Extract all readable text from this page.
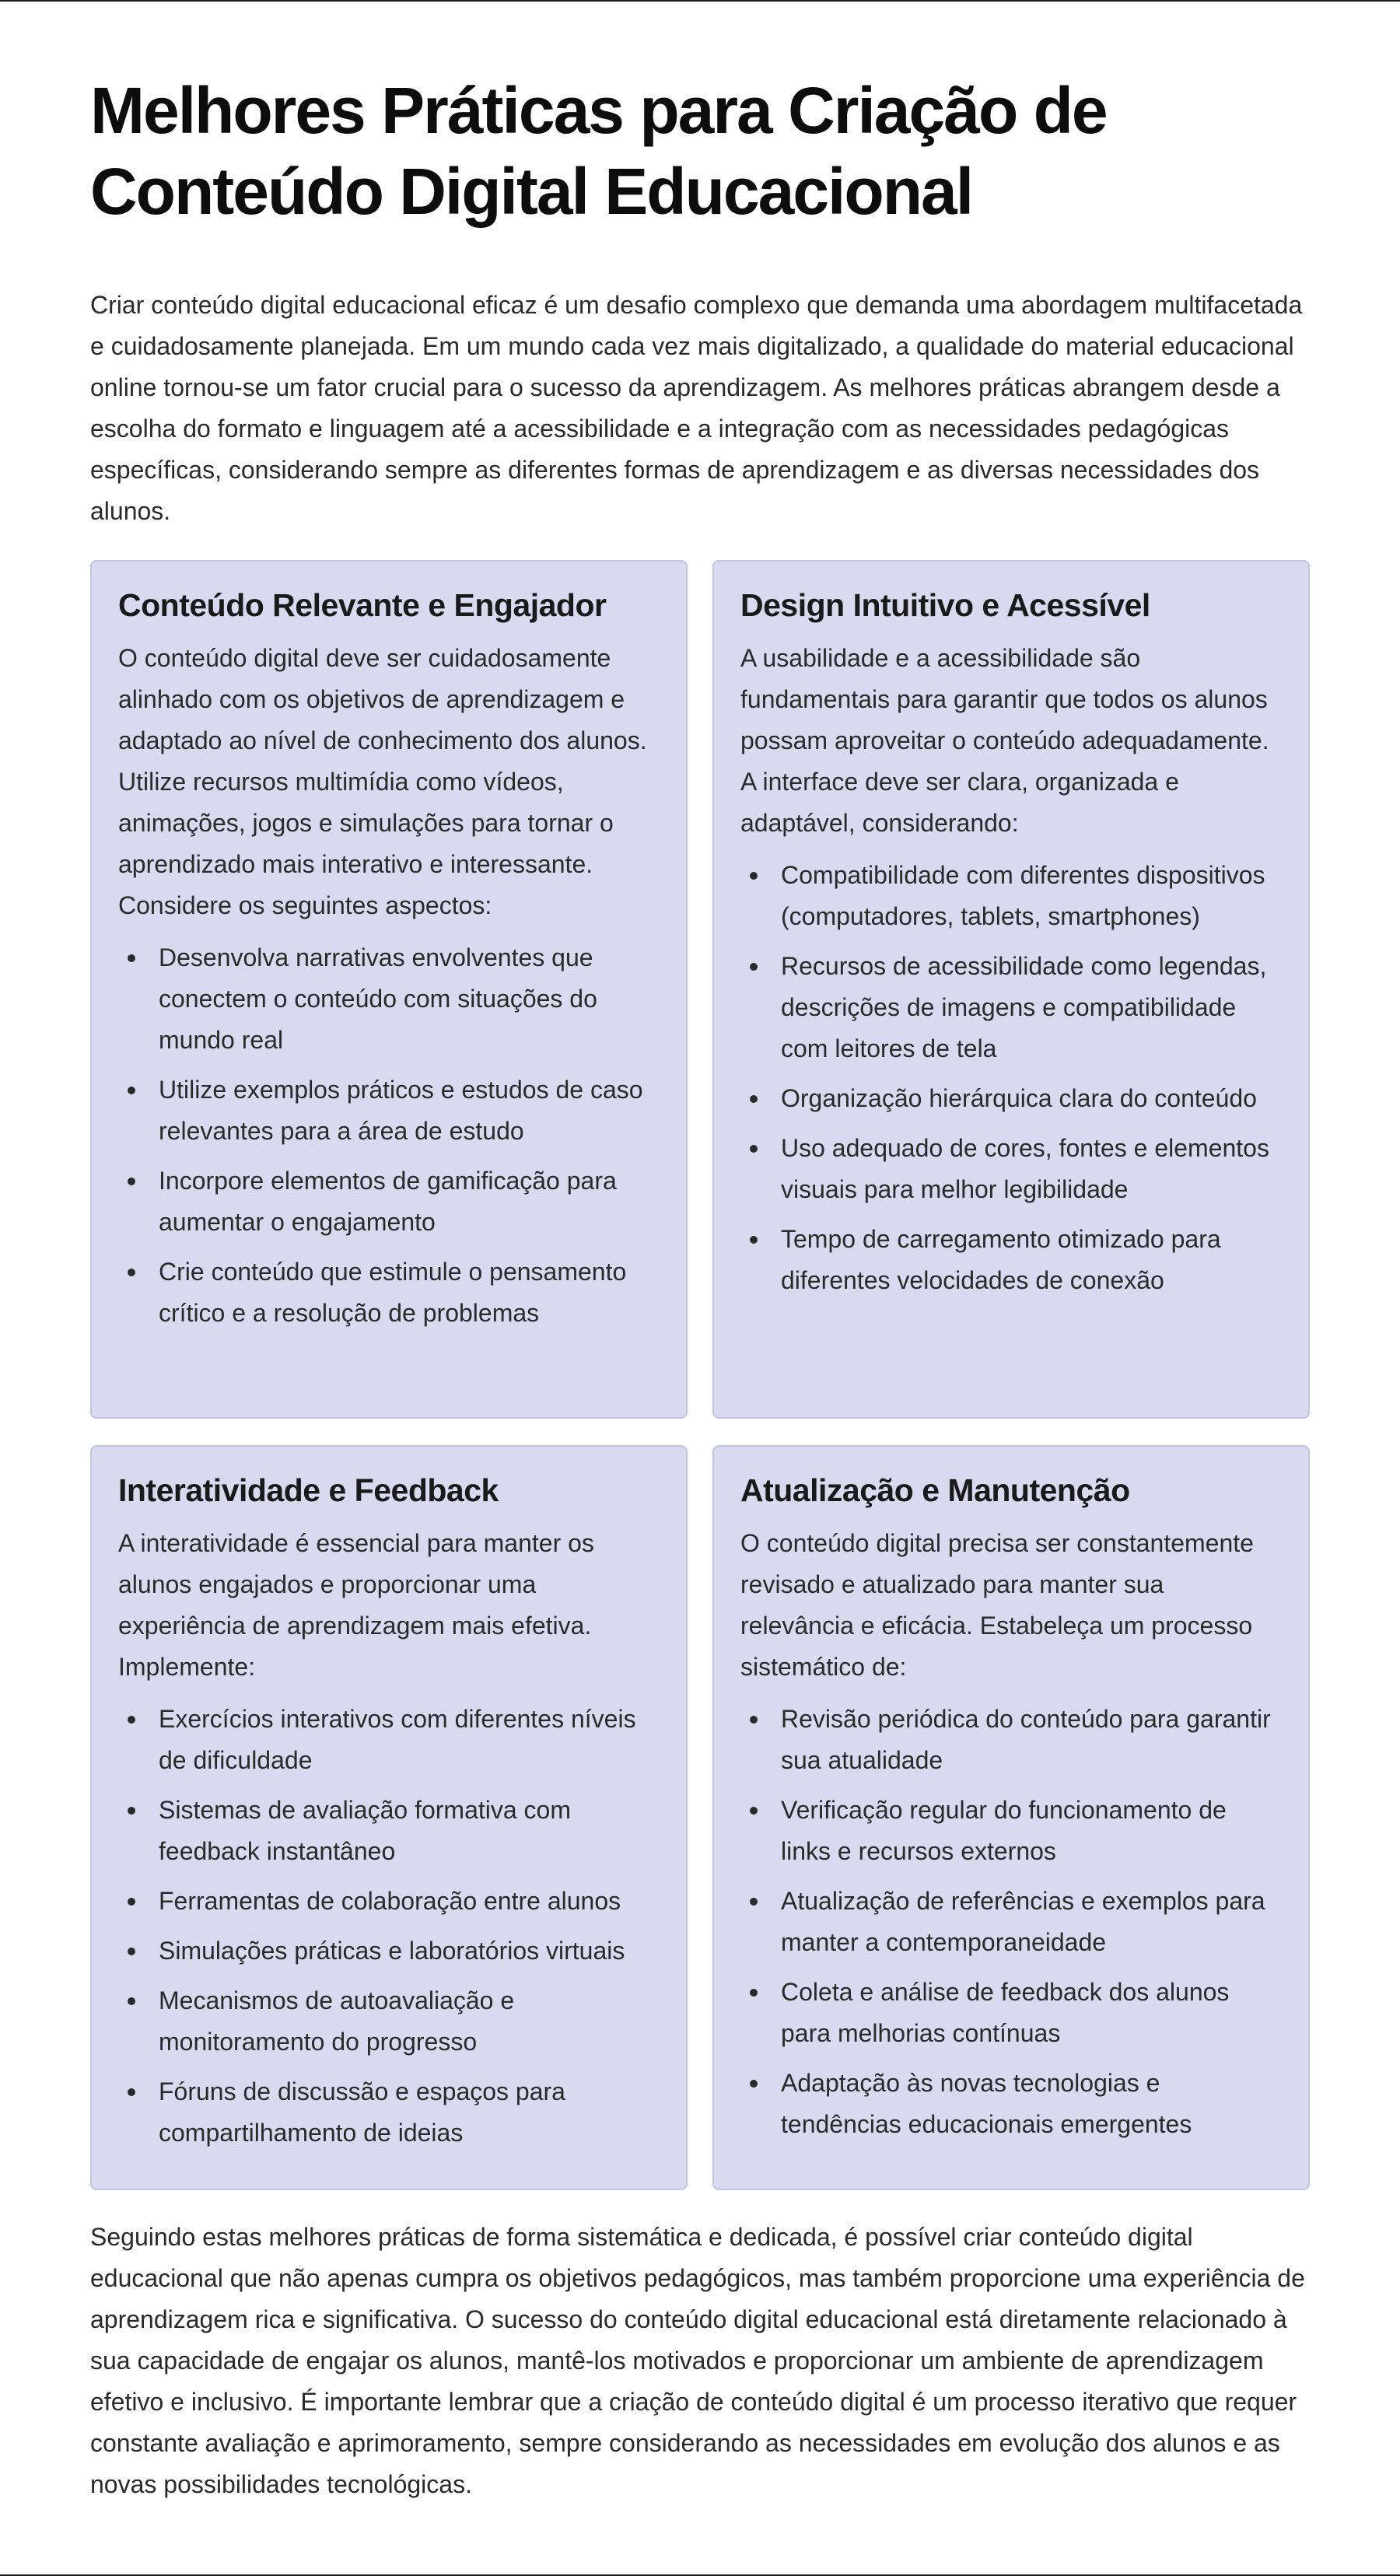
Melhores Práticas para Criação de Conteúdo Digital Educacional

Criar conteúdo digital educacional eficaz é um desafio complexo que demanda uma abordagem multifacetada e cuidadosamente planejada. Em um mundo cada vez mais digitalizado, a qualidade do material educacional online tornou-se um fator crucial para o sucesso da aprendizagem. As melhores práticas abrangem desde a escolha do formato e linguagem até a acessibilidade e a integração com as necessidades pedagógicas específicas, considerando sempre as diferentes formas de aprendizagem e as diversas necessidades dos alunos.

Conteúdo Relevante e Engajador

O conteúdo digital deve ser cuidadosamente alinhado com os objetivos de aprendizagem e adaptado ao nível de conhecimento dos alunos. Utilize recursos multimídia como vídeos, animações, jogos e simulações para tornar o aprendizado mais interativo e interessante. Considere os seguintes aspectos:

Desenvolva narrativas envolventes que conectem o conteúdo com situações do mundo real
Utilize exemplos práticos e estudos de caso relevantes para a área de estudo
Incorpore elementos de gamificação para aumentar o engajamento
Crie conteúdo que estimule o pensamento crítico e a resolução de problemas
Design Intuitivo e Acessível

A usabilidade e a acessibilidade são fundamentais para garantir que todos os alunos possam aproveitar o conteúdo adequadamente. A interface deve ser clara, organizada e adaptável, considerando:

Compatibilidade com diferentes dispositivos (computadores, tablets, smartphones)
Recursos de acessibilidade como legendas, descrições de imagens e compatibilidade com leitores de tela
Organização hierárquica clara do conteúdo
Uso adequado de cores, fontes e elementos visuais para melhor legibilidade
Tempo de carregamento otimizado para diferentes velocidades de conexão
Interatividade e Feedback

A interatividade é essencial para manter os alunos engajados e proporcionar uma experiência de aprendizagem mais efetiva. Implemente:

Exercícios interativos com diferentes níveis de dificuldade
Sistemas de avaliação formativa com feedback instantâneo
Ferramentas de colaboração entre alunos
Simulações práticas e laboratórios virtuais
Mecanismos de autoavaliação e monitoramento do progresso
Fóruns de discussão e espaços para compartilhamento de ideias
Atualização e Manutenção

O conteúdo digital precisa ser constantemente revisado e atualizado para manter sua relevância e eficácia. Estabeleça um processo sistemático de:

Revisão periódica do conteúdo para garantir sua atualidade
Verificação regular do funcionamento de links e recursos externos
Atualização de referências e exemplos para manter a contemporaneidade
Coleta e análise de feedback dos alunos para melhorias contínuas
Adaptação às novas tecnologias e tendências educacionais emergentes

Seguindo estas melhores práticas de forma sistemática e dedicada, é possível criar conteúdo digital educacional que não apenas cumpra os objetivos pedagógicos, mas também proporcione uma experiência de aprendizagem rica e significativa. O sucesso do conteúdo digital educacional está diretamente relacionado à sua capacidade de engajar os alunos, mantê-los motivados e proporcionar um ambiente de aprendizagem efetivo e inclusivo. É importante lembrar que a criação de conteúdo digital é um processo iterativo que requer constante avaliação e aprimoramento, sempre considerando as necessidades em evolução dos alunos e as novas possibilidades tecnológicas.
